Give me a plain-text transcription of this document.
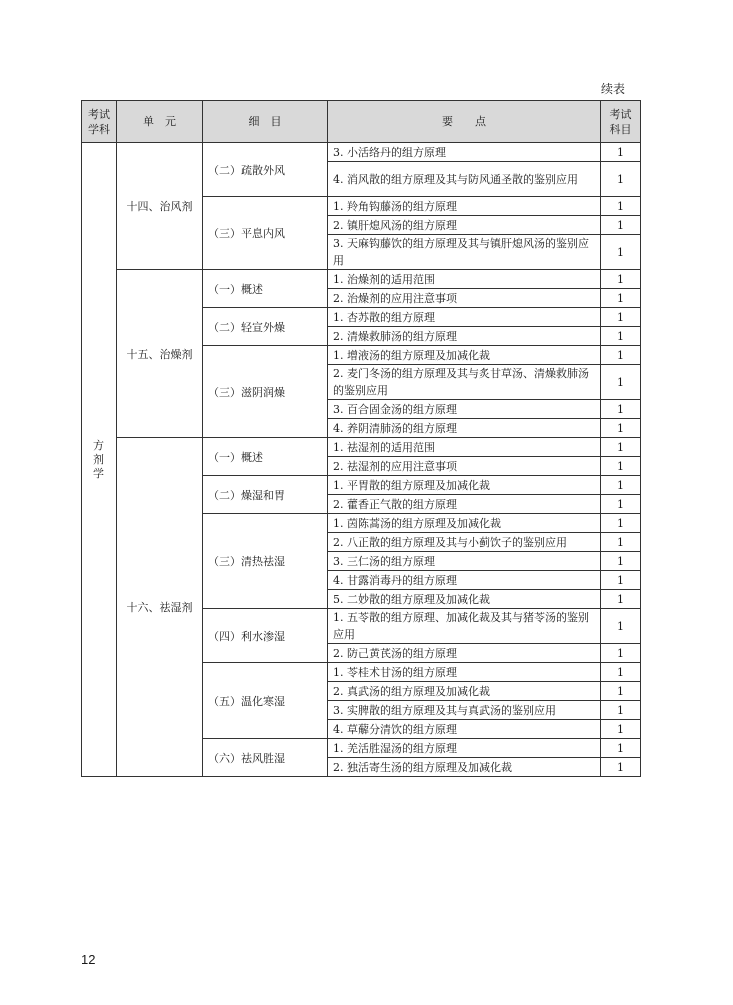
续表
考试
学科	单　元	细　目	要　　点	考试
科目
方剂学	十四、治风剂	（二）疏散外风	3. 小活络丹的组方原理	1
			4. 消风散的组方原理及其与防风通圣散的鉴别应用	1
		（三）平息内风	1. 羚角钩藤汤的组方原理	1
			2. 镇肝熄风汤的组方原理	1
			3. 天麻钩藤饮的组方原理及其与镇肝熄风汤的鉴别应用	1
	十五、治燥剂	（一）概述	1. 治燥剂的适用范围	1
			2. 治燥剂的应用注意事项	1
		（二）轻宣外燥	1. 杏苏散的组方原理	1
			2. 清燥救肺汤的组方原理	1
		（三）滋阴润燥	1. 增液汤的组方原理及加减化裁	1
			2. 麦门冬汤的组方原理及其与炙甘草汤、清燥救肺汤的鉴别应用	1
			3. 百合固金汤的组方原理	1
			4. 养阴清肺汤的组方原理	1
	十六、祛湿剂	（一）概述	1. 祛湿剂的适用范围	1
			2. 祛湿剂的应用注意事项	1
		（二）燥湿和胃	1. 平胃散的组方原理及加减化裁	1
			2. 藿香正气散的组方原理	1
		（三）清热祛湿	1. 茵陈蒿汤的组方原理及加减化裁	1
			2. 八正散的组方原理及其与小蓟饮子的鉴别应用	1
			3. 三仁汤的组方原理	1
			4. 甘露消毒丹的组方原理	1
			5. 二妙散的组方原理及加减化裁	1
		（四）利水渗湿	1. 五苓散的组方原理、加减化裁及其与猪苓汤的鉴别应用	1
			2. 防己黄芪汤的组方原理	1
		（五）温化寒湿	1. 苓桂术甘汤的组方原理	1
			2. 真武汤的组方原理及加减化裁	1
			3. 实脾散的组方原理及其与真武汤的鉴别应用	1
			4. 草薢分清饮的组方原理	1
		（六）祛风胜湿	1. 羌活胜湿汤的组方原理	1
			2. 独活寄生汤的组方原理及加减化裁	1
12
